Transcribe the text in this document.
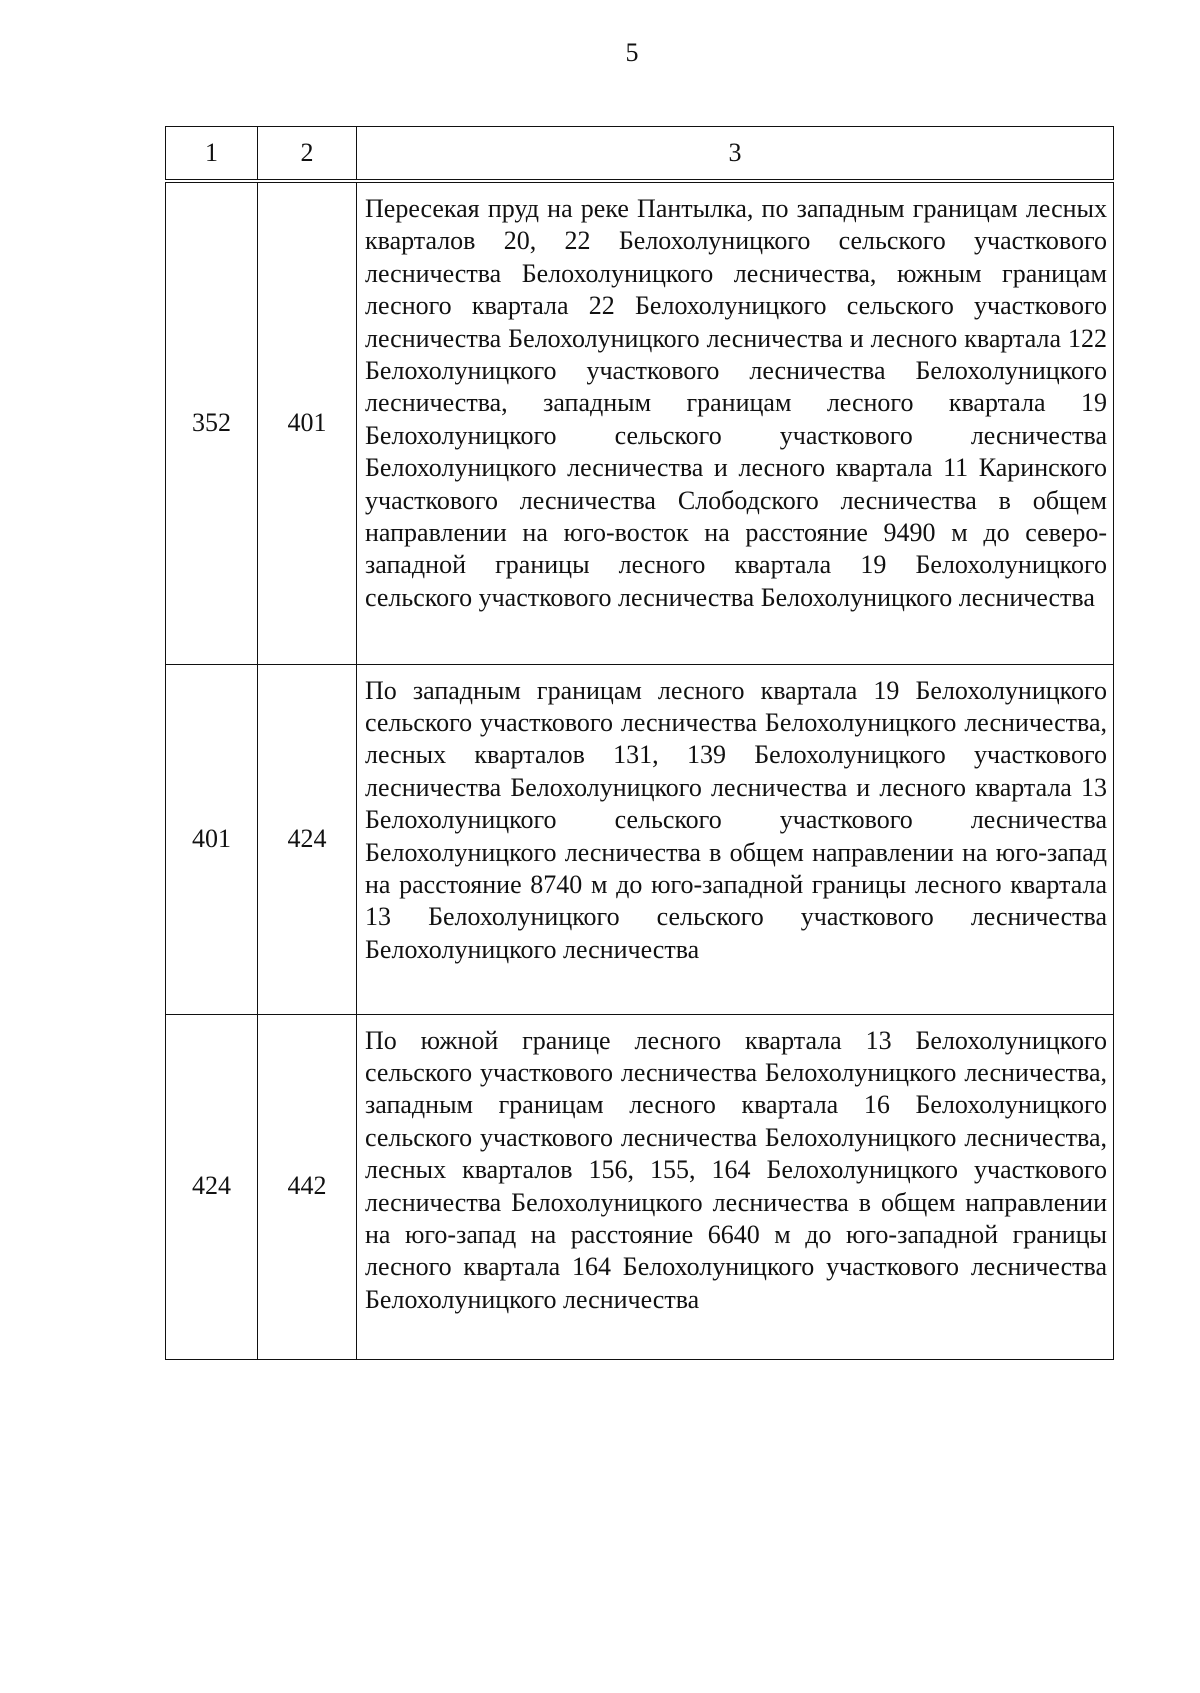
5
1	2	3
352	401	Пересекая пруд на реке Пантылка, по западным границам лесных кварталов 20, 22 Белохолуницкого сельского участкового лесничества Белохолуницкого лесничества, южным границам лесного квартала 22 Белохолуницкого сельского участкового лесничества Белохолуницкого лесничества и лесного квартала 122 Белохолуницкого участкового лесничества Белохолуницкого лесничества, западным границам лесного квартала 19 Белохолуницкого сельского участкового лесничества Белохолуницкого лесничества и лесного квартала 11 Каринского участкового лесничества Слободского лесничества в общем направлении на юго-восток на расстояние 9490 м до северо-западной границы лесного квартала 19 Белохолуницкого сельского участкового лесничества Белохолуницкого лесничества
401	424	По западным границам лесного квартала 19 Белохолуницкого сельского участкового лесничества Белохолуницкого лесничества, лесных кварталов 131, 139 Белохолуницкого участкового лесничества Белохолуницкого лесничества и лесного квартала 13 Белохолуницкого сельского участкового лесничества Белохолуницкого лесничества в общем направлении на юго-запад на расстояние 8740 м до юго-западной границы лесного квартала 13 Белохолуницкого сельского участкового лесничества Белохолуницкого лесничества
424	442	По южной границе лесного квартала 13 Белохолуницкого сельского участкового лесничества Белохолуницкого лесничества, западным границам лесного квартала 16 Белохолуницкого сельского участкового лесничества Белохолуницкого лесничества, лесных кварталов 156, 155, 164 Белохолуницкого участкового лесничества Белохолуницкого лесничества в общем направлении на юго-запад на расстояние 6640 м до юго-западной границы лесного квартала 164 Белохолуницкого участкового лесничества Белохолуницкого лесничества
